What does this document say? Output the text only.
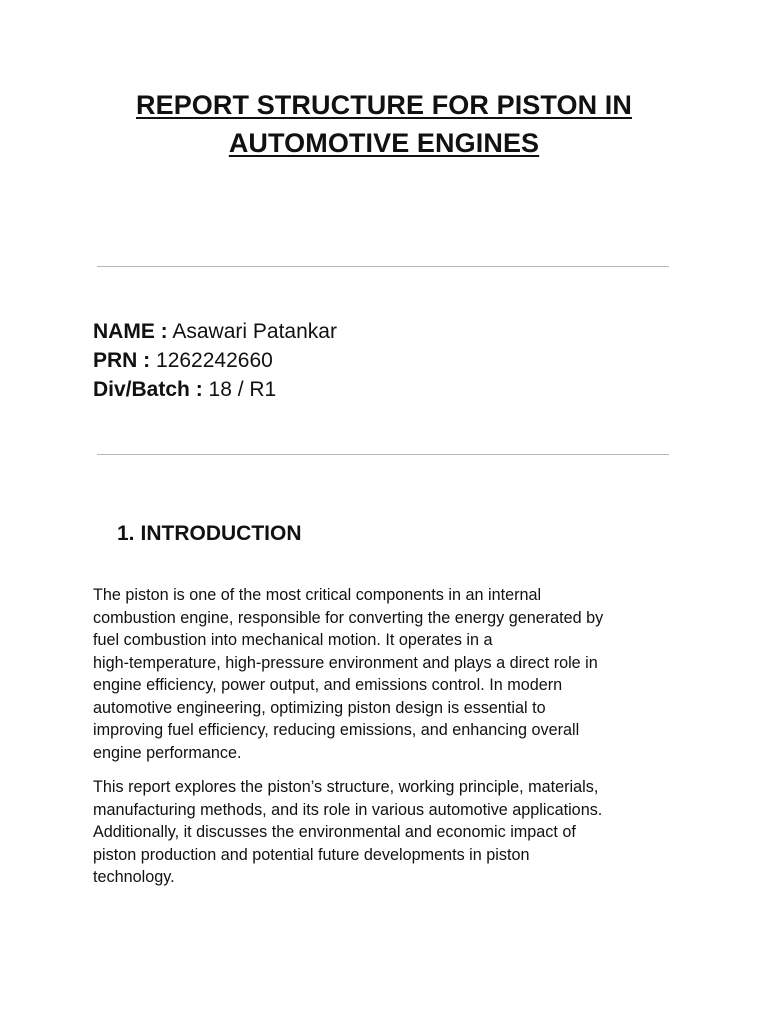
REPORT STRUCTURE FOR PISTON IN
AUTOMOTIVE ENGINES
NAME : Asawari Patankar
PRN : 1262242660
Div/Batch : 18 / R1
1. INTRODUCTION

The piston is one of the most critical components in an internal
combustion engine, responsible for converting the energy generated by
fuel combustion into mechanical motion. It operates in a
high-temperature, high-pressure environment and plays a direct role in
engine efficiency, power output, and emissions control. In modern
automotive engineering, optimizing piston design is essential to
improving fuel efficiency, reducing emissions, and enhancing overall
engine performance.

This report explores the piston’s structure, working principle, materials,
manufacturing methods, and its role in various automotive applications.
Additionally, it discusses the environmental and economic impact of
piston production and potential future developments in piston
technology.
